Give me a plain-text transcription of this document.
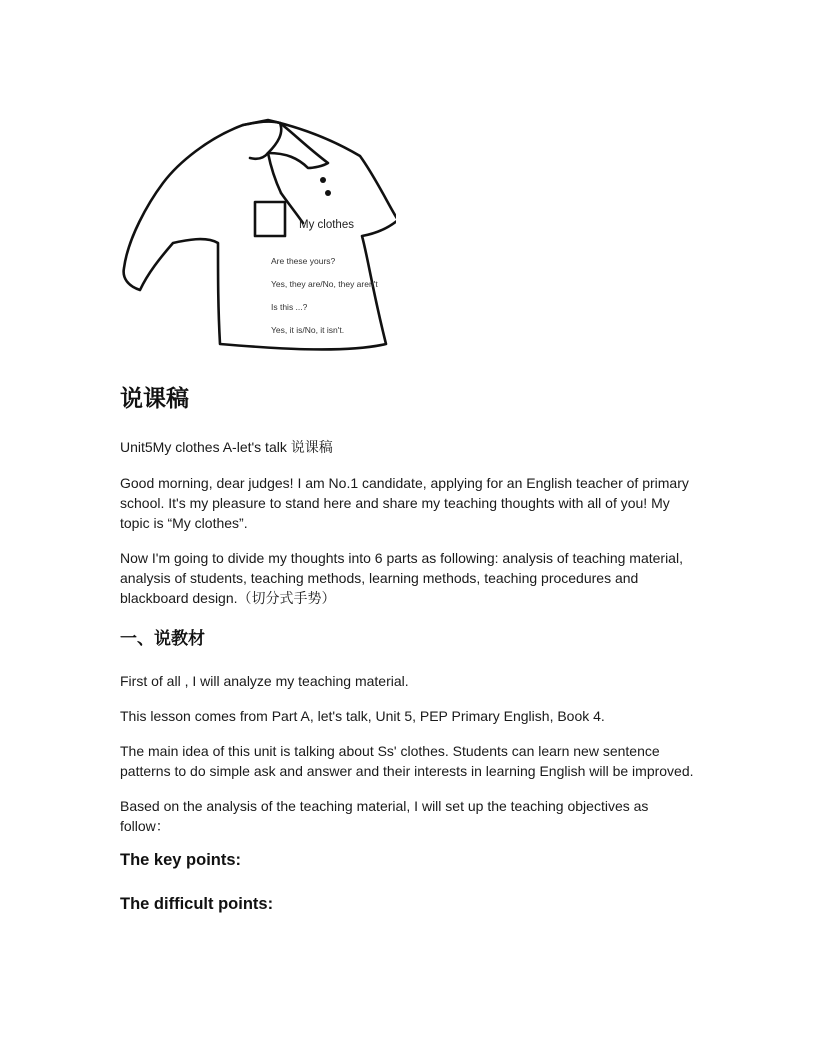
My clothes
Are these yours?
Yes, they are/No, they aren't
Is this ...?
Yes, it is/No, it isn't.
说课稿

Unit5My clothes A-let's talk 说课稿

Good morning, dear judges! I am No.1 candidate, applying for an English teacher of primary school. It's my pleasure to stand here and share my teaching thoughts with all of you! My topic is “My clothes”.

Now I'm going to divide my thoughts into 6 parts as following: analysis of teaching material, analysis of students, teaching methods, learning methods, teaching procedures and blackboard design.（切分式手势）

一、说教材

First of all , I will analyze my teaching material.

This lesson comes from Part A, let's talk, Unit 5, PEP Primary English, Book 4.

The main idea of this unit is talking about Ss' clothes. Students can learn new sentence patterns to do simple ask and answer and their interests in learning English will be improved.

Based on the analysis of the teaching material, I will set up the teaching objectives as follow：

The key points:
The difficult points:
